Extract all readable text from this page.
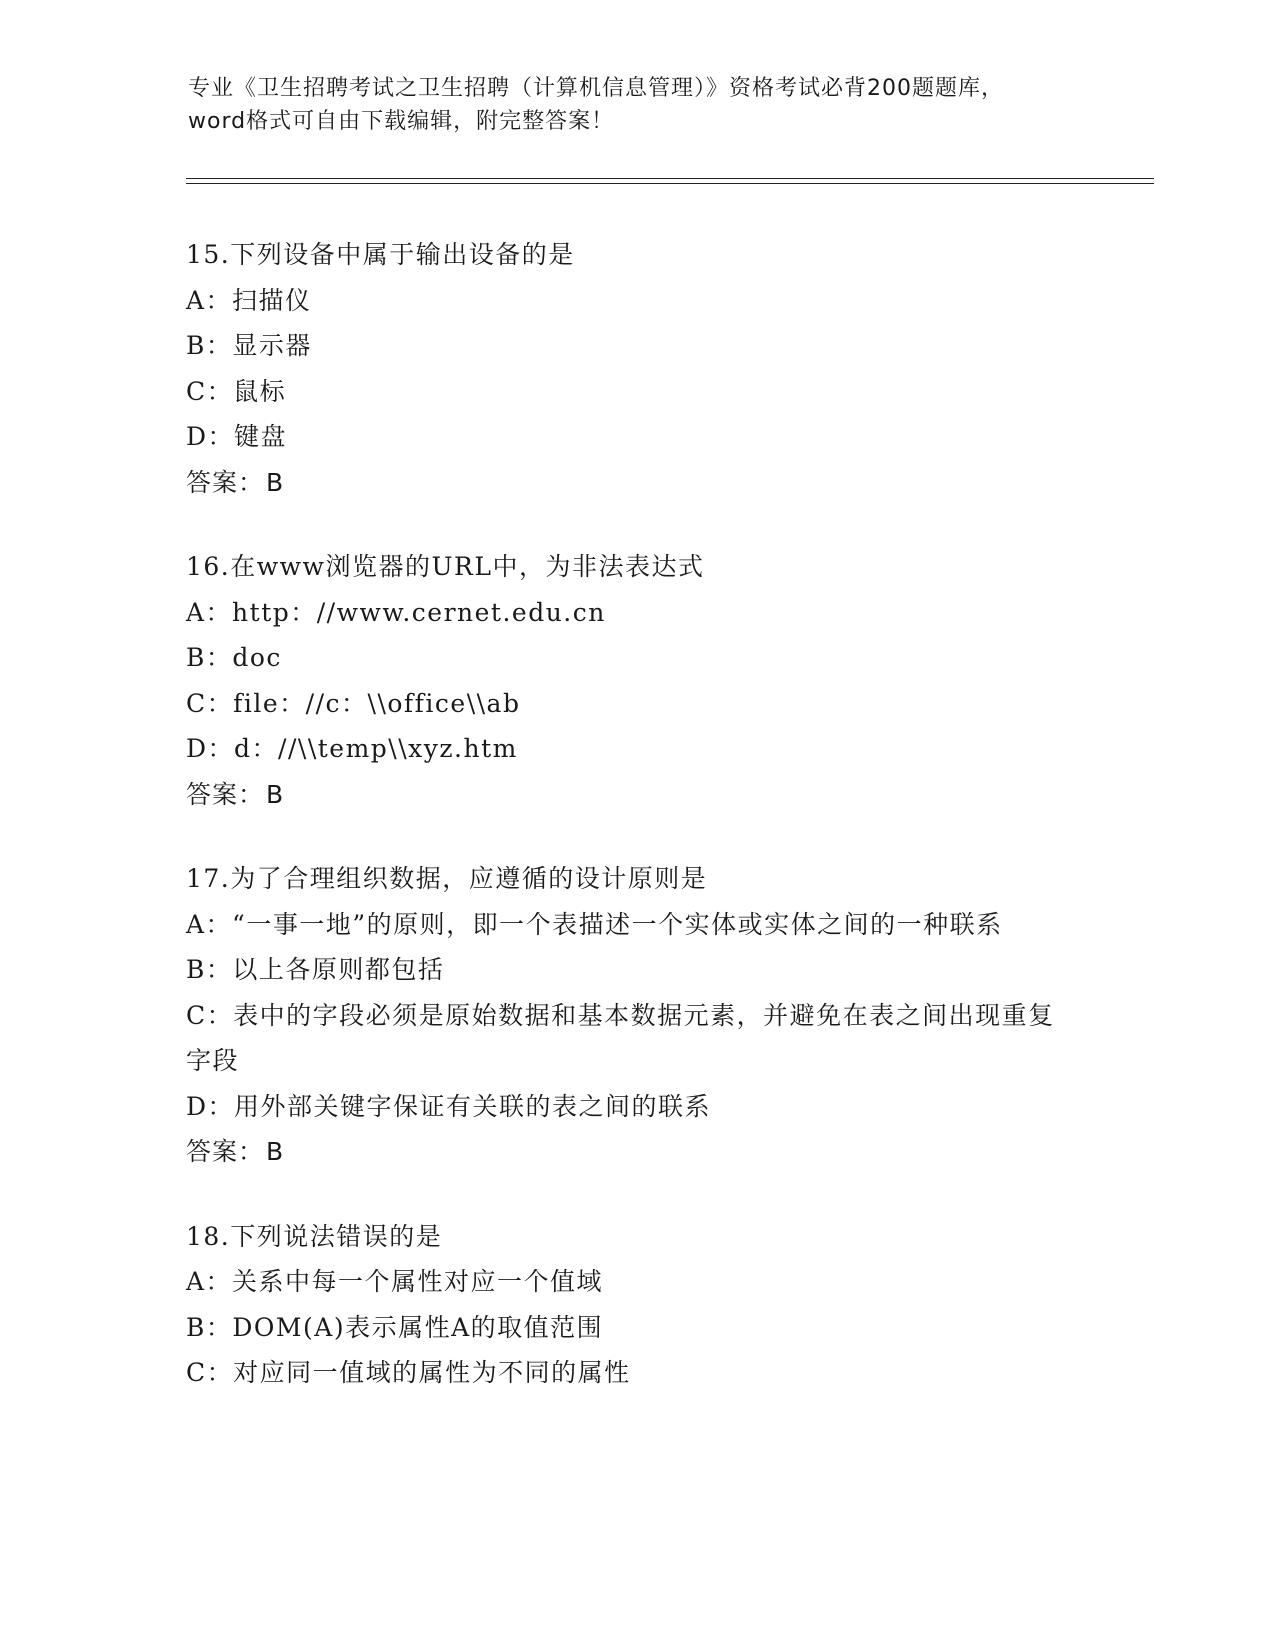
专业《卫生招聘考试之卫生招聘（计算机信息管理）》资格考试必背200题题库，
word格式可自由下载编辑，附完整答案！
15.下列设备中属于输出设备的是
A：扫描仪
B：显示器
C：鼠标
D：键盘
答案：B
16.在www浏览器的URL中，为非法表达式
A：http：//www.cernet.edu.cn
B：doc
C：file：//c：\\office\\ab
D：d：//\\temp\\xyz.htm
答案：B
17.为了合理组织数据，应遵循的设计原则是
A：“一事一地”的原则，即一个表描述一个实体或实体之间的一种联系
B：以上各原则都包括
C：表中的字段必须是原始数据和基本数据元素，并避免在表之间出现重复字段
D：用外部关键字保证有关联的表之间的联系
答案：B
18.下列说法错误的是
A：关系中每一个属性对应一个值域
B：DOM(A)表示属性A的取值范围
C：对应同一值域的属性为不同的属性
